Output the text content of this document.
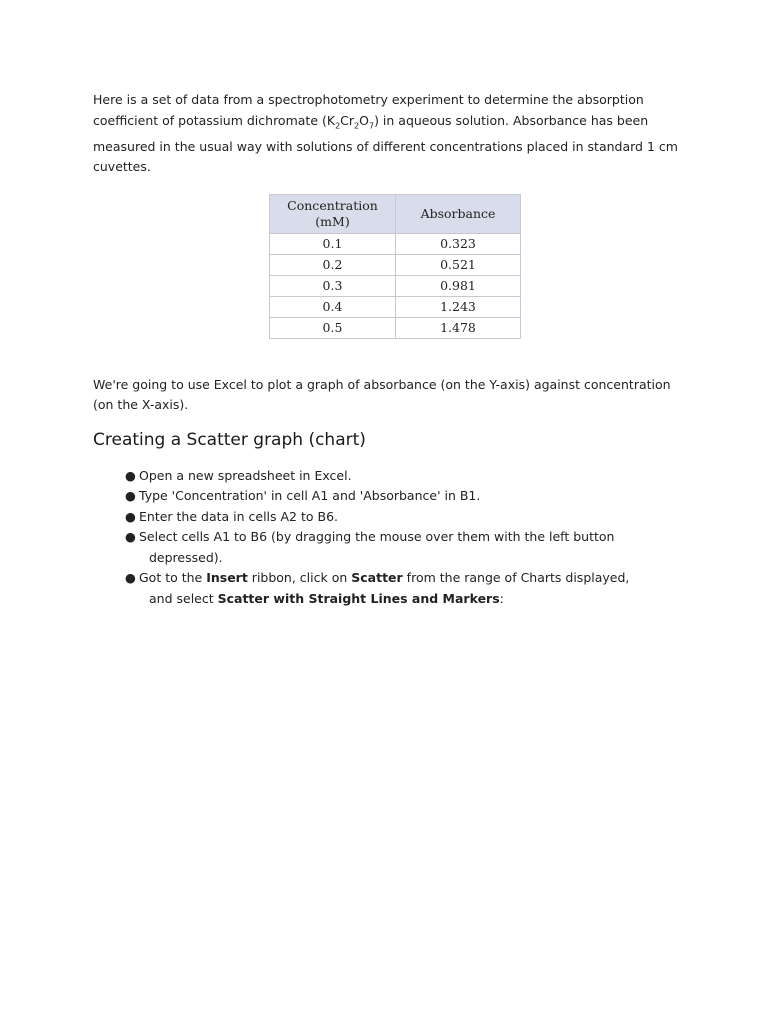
Here is a set of data from a spectrophotometry experiment to determine the absorption coefficient of potassium dichromate $(K_2Cr_2O_7)$ in aqueous solution. Absorbance has been measured in the usual way with solutions of different concentrations placed in standard 1 cm cuvettes.

Concentration (mM)	Absorbance
0.1	0.323
0.2	0.521
0.3	0.981
0.4	1.243
0.5	1.478

We're going to use Excel to plot a graph of absorbance (on the Y-axis) against concentration (on the X-axis).

Creating a Scatter graph (chart)
● Open a new spreadsheet in Excel.
● Type 'Concentration' in cell A1 and 'Absorbance' in B1.
● Enter the data in cells A2 to B6.
● Select cells A1 to B6 (by dragging the mouse over them with the left button
depressed).
● Got to the Insert ribbon, click on Scatter from the range of Charts displayed,
and select Scatter with Straight Lines and Markers:
